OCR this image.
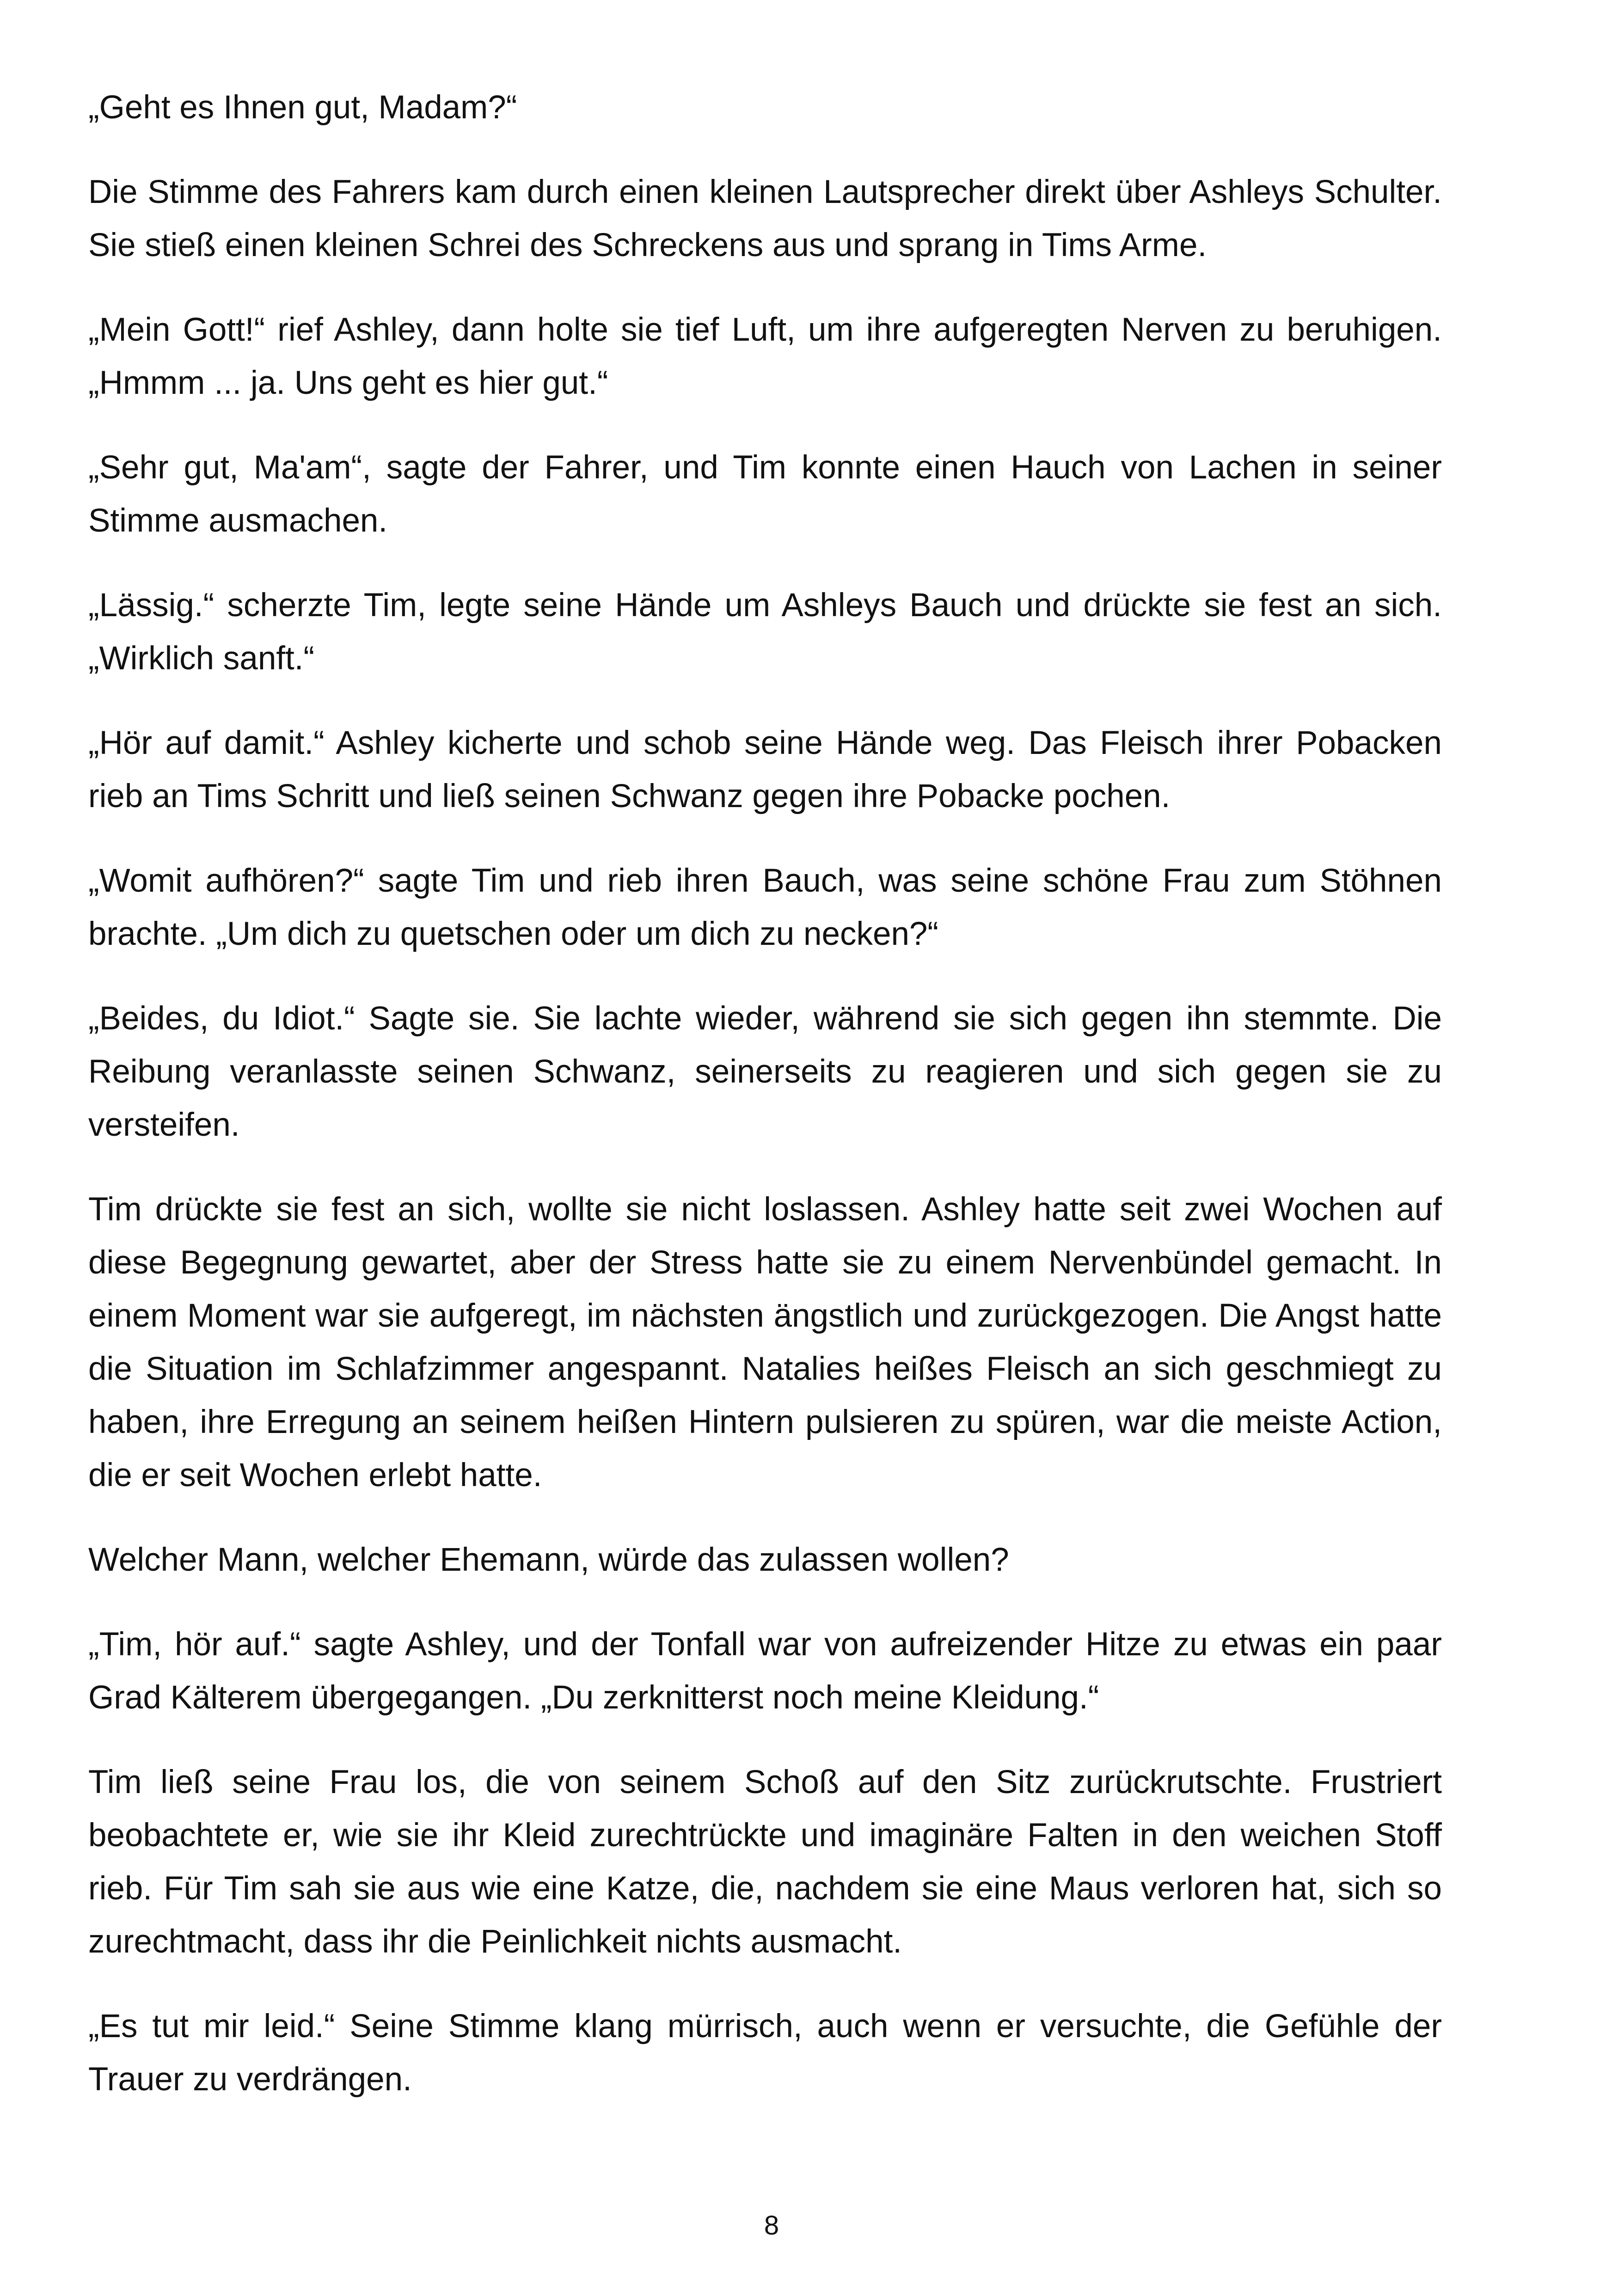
„Geht es Ihnen gut, Madam?“

Die Stimme des Fahrers kam durch einen kleinen Lautsprecher direkt über Ashleys Schulter. Sie stieß einen kleinen Schrei des Schreckens aus und sprang in Tims Arme.

„Mein Gott!“ rief Ashley, dann holte sie tief Luft, um ihre aufgeregten Nerven zu beruhigen. „Hmmm ... ja. Uns geht es hier gut.“

„Sehr gut, Ma'am“, sagte der Fahrer, und Tim konnte einen Hauch von Lachen in seiner Stimme ausmachen.

„Lässig.“ scherzte Tim, legte seine Hände um Ashleys Bauch und drückte sie fest an sich. „Wirklich sanft.“

„Hör auf damit.“ Ashley kicherte und schob seine Hände weg. Das Fleisch ihrer Pobacken rieb an Tims Schritt und ließ seinen Schwanz gegen ihre Pobacke pochen.

„Womit aufhören?“ sagte Tim und rieb ihren Bauch, was seine schöne Frau zum Stöhnen brachte. „Um dich zu quetschen oder um dich zu necken?“

„Beides, du Idiot.“ Sagte sie. Sie lachte wieder, während sie sich gegen ihn stemmte. Die Reibung veranlasste seinen Schwanz, seinerseits zu reagieren und sich gegen sie zu versteifen.

Tim drückte sie fest an sich, wollte sie nicht loslassen. Ashley hatte seit zwei Wochen auf diese Begegnung gewartet, aber der Stress hatte sie zu einem Nervenbündel gemacht. In einem Moment war sie aufgeregt, im nächsten ängstlich und zurückgezogen. Die Angst hatte die Situation im Schlafzimmer angespannt. Natalies heißes Fleisch an sich geschmiegt zu haben, ihre Erregung an seinem heißen Hintern pulsieren zu spüren, war die meiste Action, die er seit Wochen erlebt hatte.

Welcher Mann, welcher Ehemann, würde das zulassen wollen?

„Tim, hör auf.“ sagte Ashley, und der Tonfall war von aufreizender Hitze zu etwas ein paar Grad Kälterem übergegangen. „Du zerknitterst noch meine Kleidung.“

Tim ließ seine Frau los, die von seinem Schoß auf den Sitz zurückrutschte. Frustriert beobachtete er, wie sie ihr Kleid zurechtrückte und imaginäre Falten in den weichen Stoff rieb. Für Tim sah sie aus wie eine Katze, die, nachdem sie eine Maus verloren hat, sich so zurechtmacht, dass ihr die Peinlichkeit nichts ausmacht.

„Es tut mir leid.“ Seine Stimme klang mürrisch, auch wenn er versuchte, die Gefühle der Trauer zu verdrängen.

8
